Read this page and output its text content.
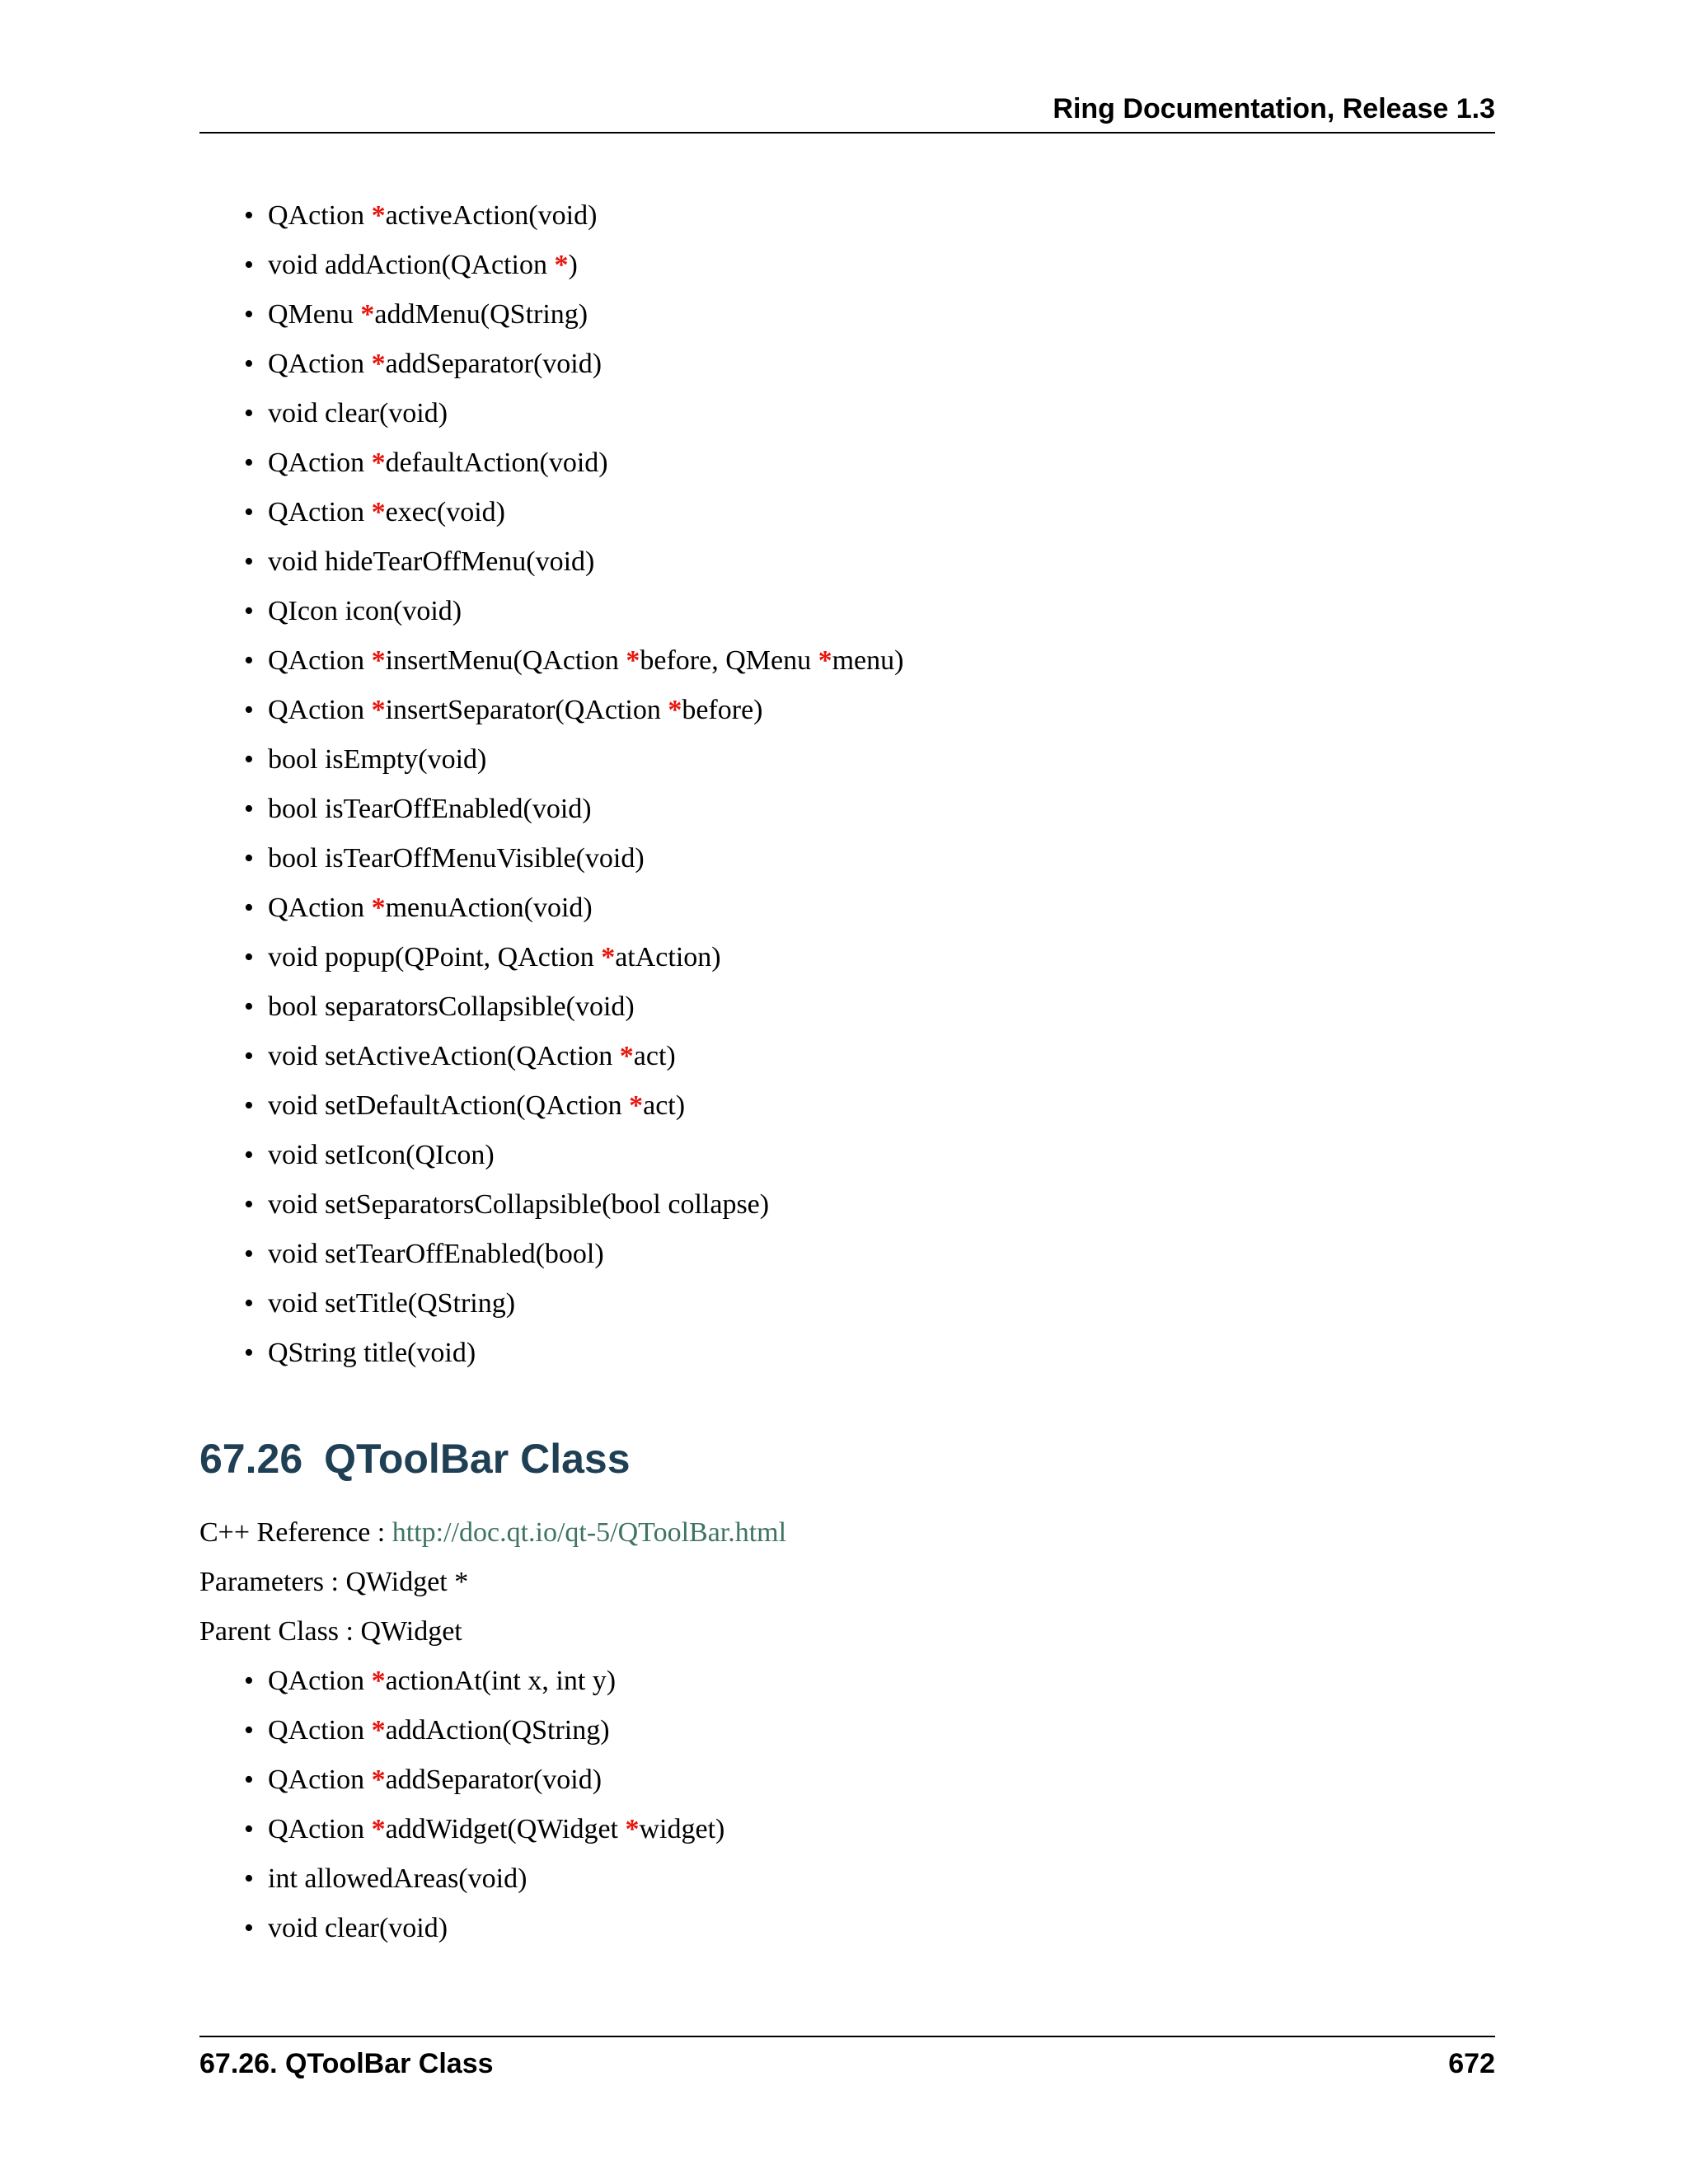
Ring Documentation, Release 1.3
• QAction *activeAction(void)
• void addAction(QAction *)
• QMenu *addMenu(QString)
• QAction *addSeparator(void)
• void clear(void)
• QAction *defaultAction(void)
• QAction *exec(void)
• void hideTearOffMenu(void)
• QIcon icon(void)
• QAction *insertMenu(QAction *before, QMenu *menu)
• QAction *insertSeparator(QAction *before)
• bool isEmpty(void)
• bool isTearOffEnabled(void)
• bool isTearOffMenuVisible(void)
• QAction *menuAction(void)
• void popup(QPoint, QAction *atAction)
• bool separatorsCollapsible(void)
• void setActiveAction(QAction *act)
• void setDefaultAction(QAction *act)
• void setIcon(QIcon)
• void setSeparatorsCollapsible(bool collapse)
• void setTearOffEnabled(bool)
• void setTitle(QString)
• QString title(void)
67.26 QToolBar Class
C++ Reference : http://doc.qt.io/qt-5/QToolBar.html
Parameters : QWidget *
Parent Class : QWidget
• QAction *actionAt(int x, int y)
• QAction *addAction(QString)
• QAction *addSeparator(void)
• QAction *addWidget(QWidget *widget)
• int allowedAreas(void)
• void clear(void)
67.26. QToolBar Class	672
